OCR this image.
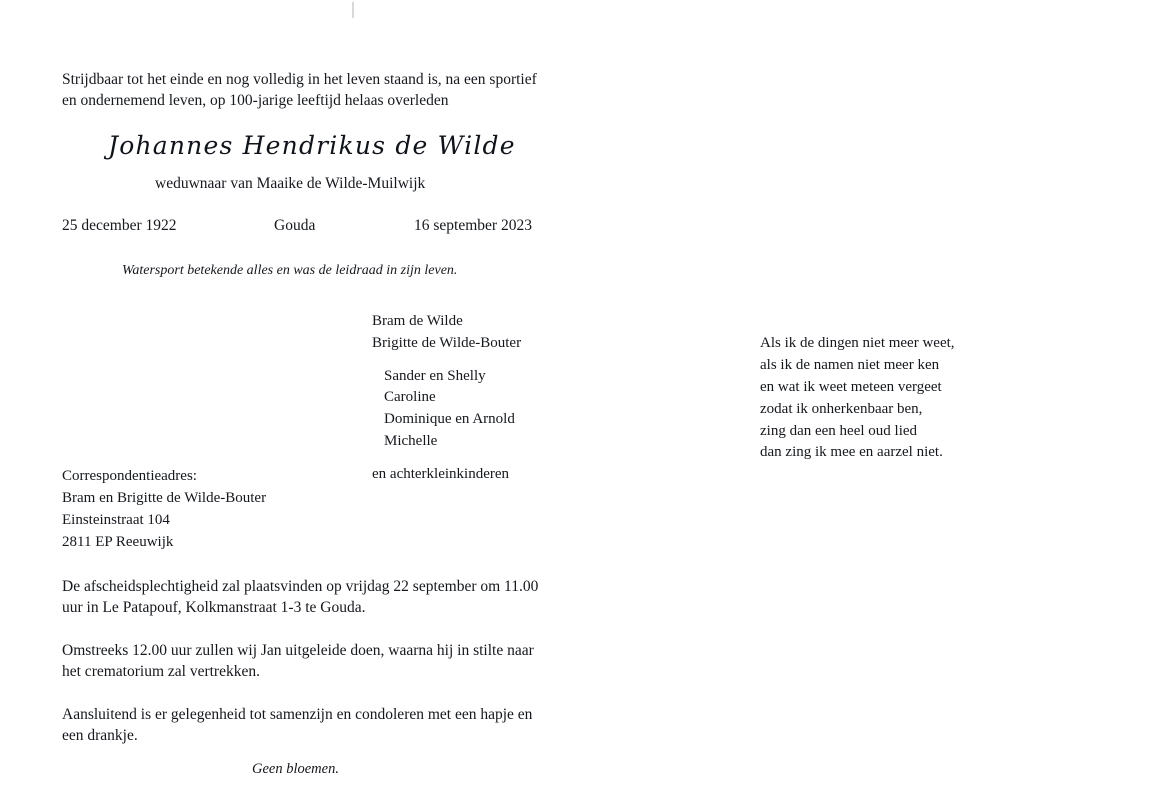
Strijdbaar tot het einde en nog volledig in het leven staand is, na een sportief en ondernemend leven, op 100-jarige leeftijd helaas overleden
Johannes Hendrikus de Wilde
weduwnaar van Maaike de Wilde-Muilwijk
25 december 1922	Gouda	16 september 2023
Watersport betekende alles en was de leidraad in zijn leven.
Bram de Wilde
Brigitte de Wilde-Bouter
Sander en Shelly
Caroline
Dominique en Arnold
Michelle
en achterkleinkinderen
Correspondentieadres:
Bram en Brigitte de Wilde-Bouter
Einsteinstraat 104
2811 EP Reeuwijk

De afscheidsplechtigheid zal plaatsvinden op vrijdag 22 september om 11.00 uur in Le Patapouf, Kolkmanstraat 1-3 te Gouda.

Omstreeks 12.00 uur zullen wij Jan uitgeleide doen, waarna hij in stilte naar het crematorium zal vertrekken.

Aansluitend is er gelegenheid tot samenzijn en condoleren met een hapje en een drankje.

Geen bloemen.
Als ik de dingen niet meer weet,
als ik de namen niet meer ken
en wat ik weet meteen vergeet
zodat ik onherkenbaar ben,
zing dan een heel oud lied
dan zing ik mee en aarzel niet.
